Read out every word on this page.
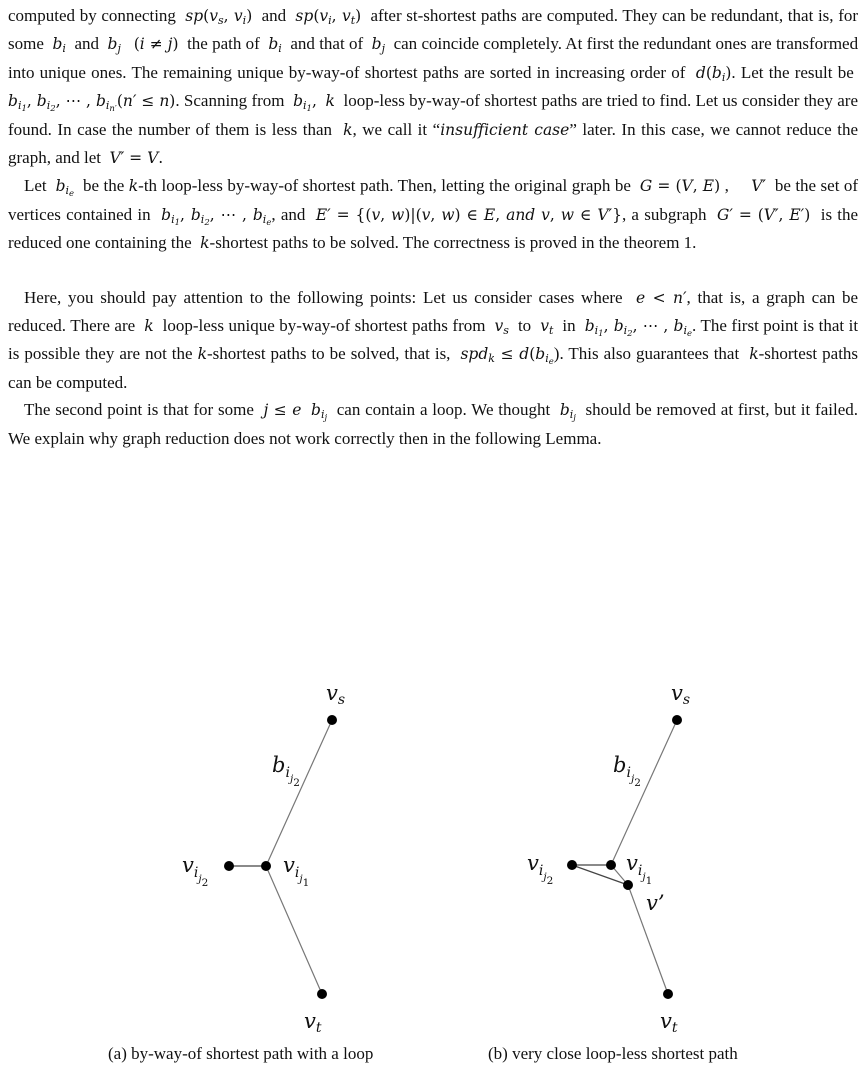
computed by connecting $sp(v_s$, $v_i$) and $sp(v_i$, $v_t$) after st-shortest paths are computed. They can be redundant, that is, for some $b_i$ and $b_j$ (i ≠ j) the path of $b_i$ and that of $b_j$ can coincide completely. At first the redundant ones are transformed into unique ones. The remaining unique by-way-of shortest paths are sorted in increasing order of $d(b_i)$. Let the result be  $b_{i_1}$, $b_{i_2}$, ⋯ , $b_{i_{n'}}(n' \le n)$. Scanning from $b_{i_1}$, k loop-less by-way-of shortest paths are tried to find. Let us consider they are found. In case the number of them is less than k, we call it “insufficient case” later. In this case, we cannot reduce the graph, and let V′ = V.

Let $b_{i_e}$ be the k-th loop-less by-way-of shortest path. Then, letting the original graph be G = (V, E) ,     V′ be the set of vertices contained in $b_{i_1}$, $b_{i_2}$, ⋯ , $b_{i_e}$, and E′ = {(v, w)|(v, w) ∈ E, and v, w ∈ V′}, a subgraph G′ = (V′, E′) is the reduced one containing the k-shortest paths to be solved. The correctness is proved in the theorem 1.

Here, you should pay attention to the following points: Let us consider cases where e < n′, that is, a graph can be reduced. There are k loop-less unique by-way-of shortest paths from $v_s$ to $v_t$ in $b_{i_1}$, $b_{i_2}$, ⋯ , $b_{i_e}$. The first point is that it is possible they are not the k-shortest paths to be solved, that is, $spd_k \le d(b_{i_e})$. This also guarantees that k-shortest paths can be computed.

The second point is that for some j ≤ e $b_{i_j}$ can contain a loop. We thought $b_{i_j}$ should be removed at first, but it failed. We explain why graph reduction does not work correctly then in the following Lemma.

vs
$b_{ij}2$
$v_{ij}2$
$v_{ij}1$
vt
vs
$b_{ij}2$
$v_{ij}2$
$v_{ij}1$
v’
vt
(a) by-way-of shortest path with a loop	(b) very close loop-less shortest path
